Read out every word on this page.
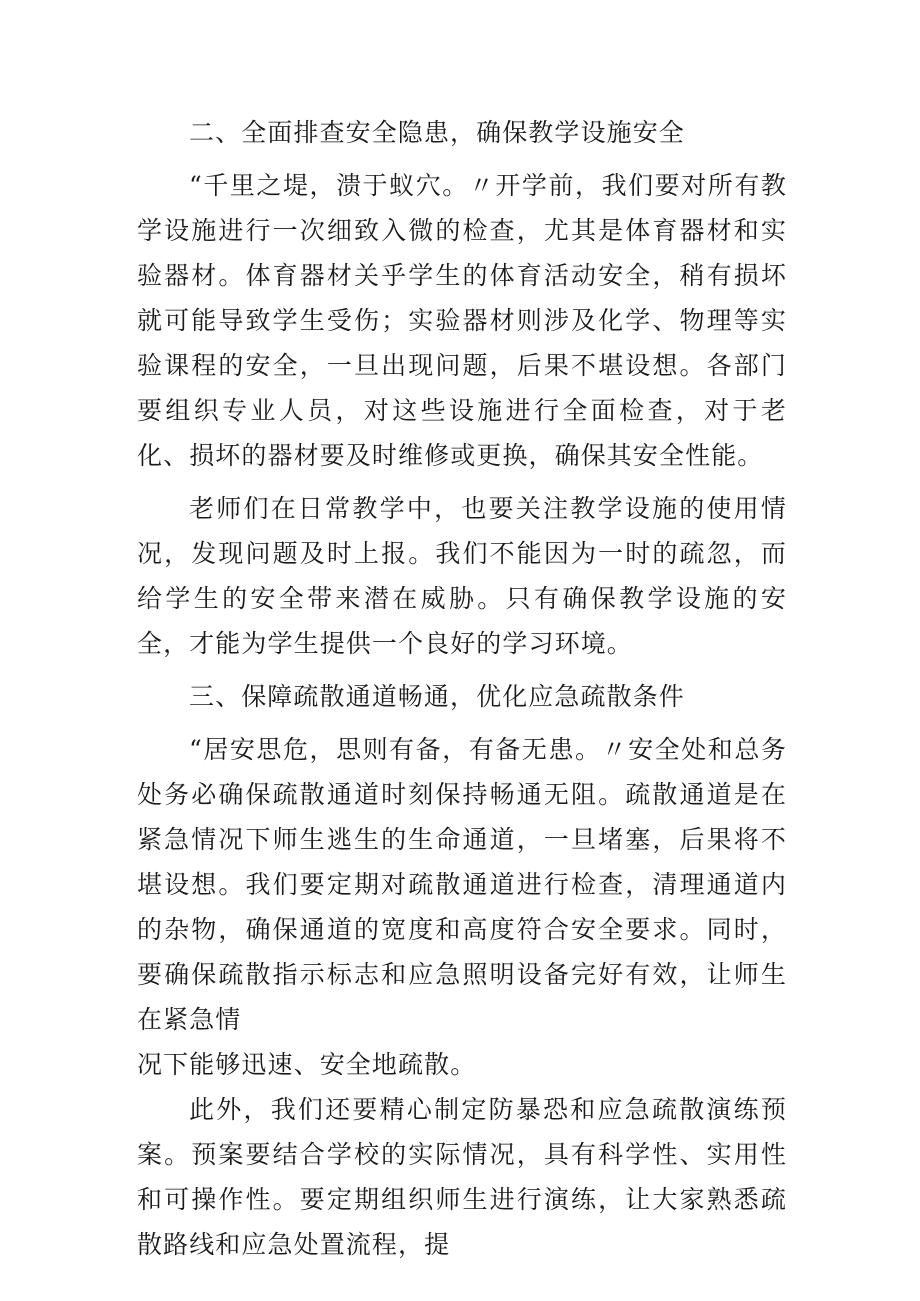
二、全面排查安全隐患，确保教学设施安全

“千里之堤，溃于蚁穴。〃开学前，我们要对所有教学设施进行一次细致入微的检查，尤其是体育器材和实验器材。体育器材关乎学生的体育活动安全，稍有损坏就可能导致学生受伤；实验器材则涉及化学、物理等实验课程的安全，一旦出现问题，后果不堪设想。各部门要组织专业人员，对这些设施进行全面检查，对于老化、损坏的器材要及时维修或更换，确保其安全性能。

老师们在日常教学中，也要关注教学设施的使用情况，发现问题及时上报。我们不能因为一时的疏忽，而给学生的安全带来潜在威胁。只有确保教学设施的安全，才能为学生提供一个良好的学习环境。

三、保障疏散通道畅通，优化应急疏散条件

“居安思危，思则有备，有备无患。〃安全处和总务处务必确保疏散通道时刻保持畅通无阻。疏散通道是在紧急情况下师生逃生的生命通道，一旦堵塞，后果将不堪设想。我们要定期对疏散通道进行检查，清理通道内的杂物，确保通道的宽度和高度符合安全要求。同时，要确保疏散指示标志和应急照明设备完好有效，让师生在紧急情

况下能够迅速、安全地疏散。

此外，我们还要精心制定防暴恐和应急疏散演练预案。预案要结合学校的实际情况，具有科学性、实用性和可操作性。要定期组织师生进行演练，让大家熟悉疏散路线和应急处置流程，提
